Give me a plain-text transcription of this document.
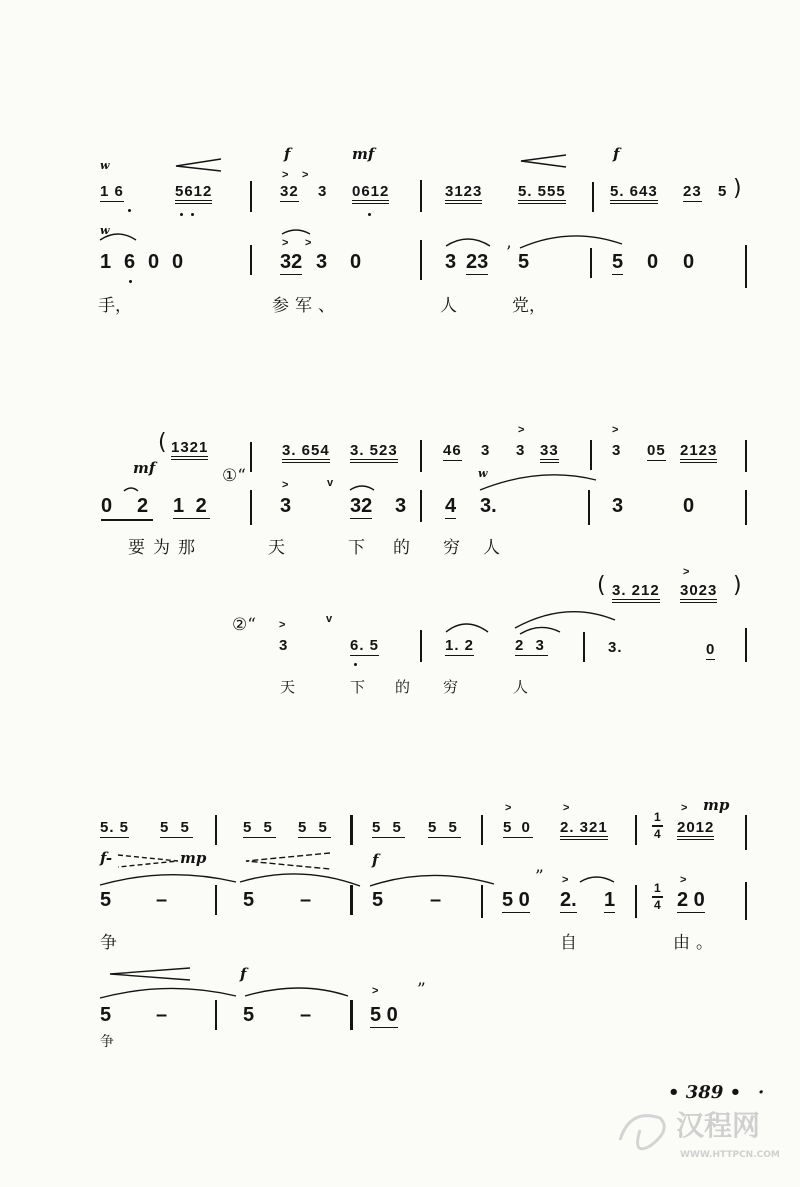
f	mf	f
w
> >
1 6	5612	32 3 0612	3123 5. 555	5. 643 23 5 )
w
> >
1 6 0 0	32 3 0	3 23 ’ 5	5 0 0
手，	参军、	人	党，
( 1321
mf
3. 654 3. 523	46 3
>
3 33
>
3 05 2123
①“	>	v
0 2 1 2	3	32 3 4
w
3.	3	0
要为那	天	下 的 穷 人
( 3. 212
>
3023 )
②“ >	v
3	6. 5	1. 2	2 3	3.	0
天	下 的 穷	人
5. 5 5 5	5 5 5 5	5 5 5 5
>
5 0
>
2. 321
1
4
> mp
2012
f-	mp	f
5 –	5 –	5 –	5 0
” >
2. 1
1
4
>
2 0
争	自	由。
f
> ”
5 –	5 –	5 0
争
• 389 • ·
汉程网
WWW.HTTPCN.COM
